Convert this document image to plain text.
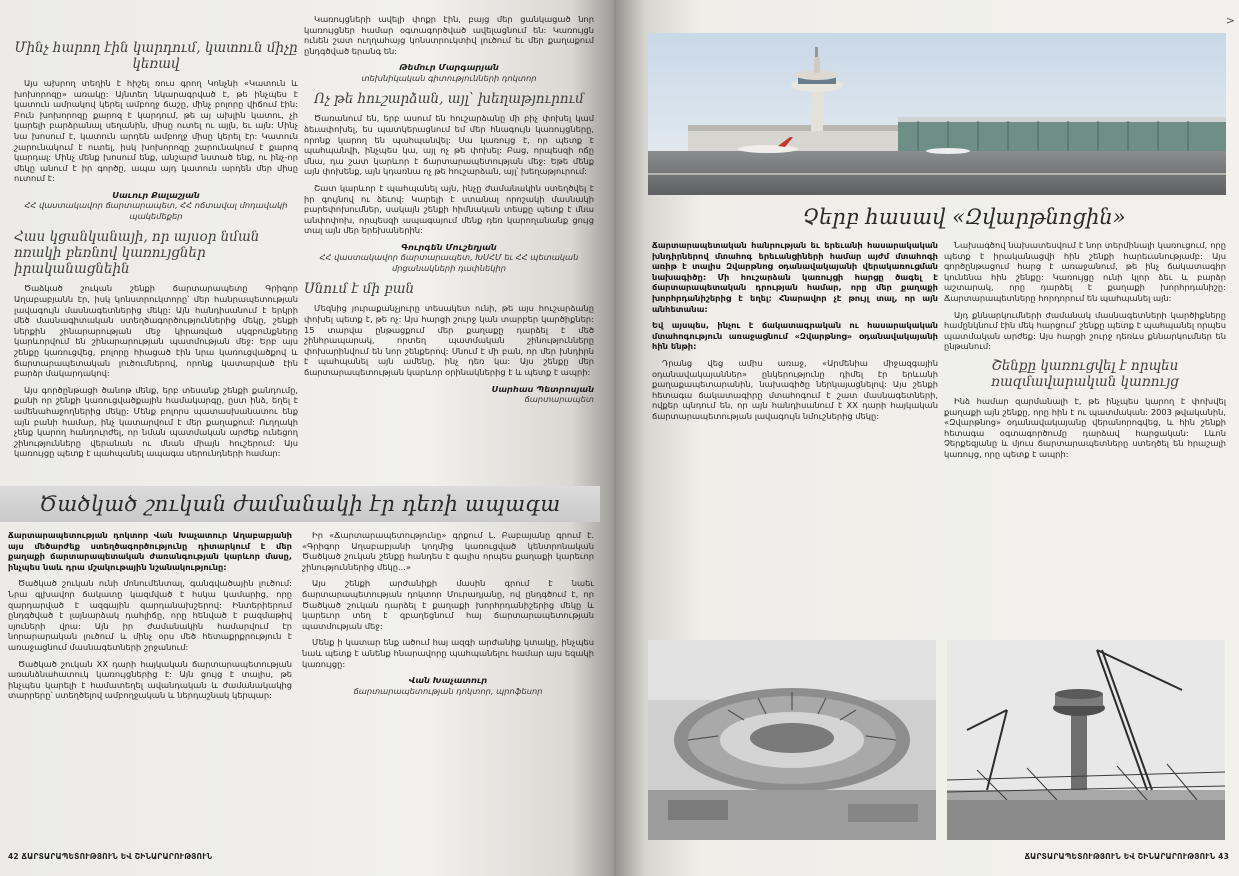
Մինչ հարող էին կարդում, կատուն միչը կեռավ

Այս ախրող տեղին է հիշել ռուս գրող Կոնչնի «Կատուն և խոխորոզը» առակը: Այնտեղ նկարագրված է, թե ինչպես է կատուն ամրակով կերել ամբողջ ճաշը, մինչ բոլորը վիճում էին: Բուն խոխորոզը քարոզ է կարդում, թե այ ախլին կատու, չի կարելի բարձրանալ սեղանին, միսը ուտել ու այլն, եւ այն: Մինչ նա խոսում է, կատուն արդեն ամբողջ միսը կերել էր: Կատուն շարունակում է ուտել, իսկ խոխորոզը շարունակում է քարոզ կարդալ: Մինչ մենք խոսում ենք, անշարժ նստած ենք, ու ինչ-որ մեկը անում է իր գործը, ապա այդ կատուն արդեն մեր միսը ուտում է:

Սաւուր Քալաշյան
ՀՀ վաստակավոր ճարտարապետ, ՀՀ ոճտավալ մոդավակի պակեմեքեր
Հաս կցանկանայի, որ այսօր նման ոռակի բեռնով կառույցներ իրականացնեին

Ծաձկած շուկան շենքի ճարտարապետը Գրիգոր Աղաբաբյանն էր, իսկ կոնստրուկտորը՝ մեր հանրապետության լավագույն մասնագետներից մեկը: Այն հանդիսանում է երկրի մեծ մասնագիտական ստեղծագործություններից մեկը, շենքի ներքին շինարարության մեջ կիրառված սկզբունքները կարևորվում են շինարարության պատմության մեջ: Երբ այս շենքը կառուցվեց, բոլորը հիացած էին նրա կառուցվածքով և ճարտարապետական լուծումներով, որոնք կատարված էին բարձր մակարդակով:

Այս գործընթացի ծանոթ մենք, երբ տեսանք շենքի քանդումը, քանի որ շենքի կառուցվածքային համակարգը, ըստ ինձ, եղել է ամենահաջողներից մեկը: Մենք բոլորս պատասխանատու ենք այն բանի համար, ինչ կատարվում է մեր քաղաքում: Ուղղակի չենք կարող հանդուրժել, որ նման պատմական արժեք ունեցող շինությունները վերանան ու մնան միայն հուշերում: Այս կառույցը պետք է պահպանել ապագա սերունդների համար:

Կառույցների ավելի փոքր էին, բայց մեր ցանկացած նոր կառույցներ համար օգտագործված ավելացնում են: Կառույցն ունեն շատ ուղղահայց կոնստրուկտիվ լուծում եւ մեր քաղաքում ընդգծված երանգ են:

Թեմուր Մարգարյան
տեխնիկական գիտությունների դոկտոր
Ոչ թե հուշարձան, այլ՝ խեղաթյուրում

Ծառանում են, երբ ասում են հուշարձանը մի բիչ փոխել կամ ձեւափոխել, ես պատկերացնում եմ մեր հնագույն կառույցները, որոնք կարող են պահպանվել: Սա կառույց է, որ պետք է պահպանվի, ինչպես կա, այլ ոչ թե փոխել: Բաց, որպեսզի ոճը մնա, դա շատ կարևոր է ճարտարապետության մեջ: Եթե մենք այն փոխենք, այն կդառնա ոչ թե հուշարձան, այլ՝ խեղաթյուրում:

Շատ կարևոր է պահպանել այն, ինչը ժամանակին ստեղծվել է իր գույնով ու ձեւով: Կարելի է ստանալ որոշակի մասնակի բարեփոխումներ, սակայն շենքի հիմնական տեսքը պետք է մնա անփոփոխ, որպեսզի ապագայում մենք դեռ կարողանանք ցույց տալ այն մեր երեխաներին:

Գուրգեն Մուշեղյան
ՀՀ վաստակավոր ճարտարապետ, ԽՍՀՄ եւ ՀՀ պետական մրցանակների դափնեկիր
Սնում է մի բան

Մեզնից յուրաքանչյուրը տեսակետ ունի, թե այս հուշարձանը փոխել պետք է, թե ոչ: Այս հարցի շուրջ կան տարբեր կարծիքներ: 15 տարվա ընթացքում մեր քաղաքը դարձել է մեծ շինհրապարակ, որտեղ պատմական շինությունները փոխարինվում են նոր շենքերով: Սնում է մի բան, որ մեր խնդիրն է պահպանել այն ամենը, ինչ դեռ կա: Այս շենքը մեր ճարտարապետության կարևոր օրինակներից է և պետք է ապրի:

Սարհաս Պետրոսյան
ճարտարապետ
Ծածկած շուկան ժամանակի էր դեռի ապագա

Ճարտարապետության դոկտոր Վան Խաչատուր Աղաբաբյանի այս մեծարժեք ստեղծագործությունը դիտարկում է մեր քաղաքի ճարտարապետական ժառանգության կարևոր մասը, ինչպես նաև դրա մշակութային նշանակությունը:

Ծածկած շուկան ունի մոնումենտալ, գանգվածային լուծում: Նրա գլխավոր ճակատը կազմված է հսկա կամարից, որը զարդարված է ազգային զարդանախշերով: Ինտերիերում ընդգծված է լայնարձակ դահլիճը, որը հենված է բազմաթիվ սյուների վրա: Այն իր ժամանակին համարվում էր նորարարական լուծում և մինչ օրս մեծ հետաքրքրություն է առաջացնում մասնագետների շրջանում:

Ծածկած շուկան XX դարի հայկական ճարտարապետության առանձնահատուկ կառույցներից է: Այն ցույց է տալիս, թե ինչպես կարելի է համատեղել ավանդական և ժամանակակից տարրերը՝ ստեղծելով ամբողջական և ներդաշնակ կերպար:

Իր «Ճարտարապետությունը» գրքում Լ. Բաբայանը գրում է. «Գրիգոր Աղաբաբյանի կողմից կառուցված կենտրոնական Ծածկած շուկան շենքը հանդես է գալիս որպես քաղաքի կարեւոր շինություններից մեկը...»

Այս շենքի արժանիքի մասին գրում է նաեւ ճարտարապետության դոկտոր Մուրադյանը, ով ընդգծում է, որ Ծածկած շուկան դարձել է քաղաքի խորհրդանիշերից մեկը և կարեւոր տեղ է զբաղեցնում հայ ճարտարապետության պատմության մեջ:

Մենք ի կատար ենք ածում հայ ազգի արժանիք կտակը, ինչպես նաև պետք է անենք հնարավորը պահպանելու համար այս եզակի կառույցը:

Վան Խաչատուր
ճարտարապետության դոկտոր, պրոֆեսոր
42 ՃԱՐՏԱՐԱՊԵՏՈՒԹՅՈՒՆ ԵՎ ՇԻՆԱՐԱՐՈՒԹՅՈՒՆ
>
Չերբ հասավ «Զվարթնոցին»

Ճարտարապետական հանրության եւ երեւանի հասարակական խնդիրներով մտահոգ երեւանցիների համար այժմ մտահոգի առիթ է տալիս Զվարթնոց օդանավակայանի վերակառուցման նախագիծը: Մի հուշարձան կառույցի հարցը ծագել է ճարտարապետական դրության համար, որը մեր քաղաքի խորհրդանիշերից է եղել: Հնարավոր չէ թույլ տալ, որ այն անհետանա:

Եվ այսպես, ինչու է ճակատագրական ու հասարակական մտահոգություն առաջացնում «Զվարթնոց» օդանավակայանի հին ենթի:

Դրանց վեց ամիս առաջ, «Արմենիա միջազգային օդանավակայաններ» ընկերությունը դիմել էր երևանի քաղաքապետարանին, նախագիծը ներկայացնելով: Այս շենքի հետագա ճակատագիրը մտահոգում է շատ մասնագետների, ովքեր պնդում են, որ այն հանդիսանում է XX դարի հայկական ճարտարապետության լավագույն նմուշներից մեկը:

Նախագծով նախատեսվում է նոր տերմինալի կառուցում, որը պետք է իրականացվի հին շենքի հարեւանությամբ: Այս գործընթացում հարց է առաջանում, թե ինչ ճակատագիր կունենա հին շենքը: Կառույցը ունի կլոր ձեւ և բարձր աշտարակ, որը դարձել է քաղաքի խորհրդանիշը: Ճարտարապետները հորդորում են պահպանել այն:

Այդ քննարկումների ժամանակ մասնագետների կարծիքները համընկնում էին մեկ հարցում՝ շենքը պետք է պահպանել որպես պատմական արժեք: Այս հարցի շուրջ դեռևս քննարկումներ են ընթանում:

Շենքը կառուցվել է որպես ռազմավարական կառույց

Ինձ համար զարմանալի է, թե ինչպես կարող է փոխվել քաղաքի այն շենքը, որը հին է ու պատմական: 2003 թվականին, «Զվարթնոց» օդանավակայանը վերանորոգվեց, և հին շենքի հետագա օգտագործումը դարձավ հարցական: Լևոն Չերքեզյանը և մյուս ճարտարապետները ստեղծել են հրաշալի կառույց, որը պետք է ապրի:

ՃԱՐՏԱՐԱՊԵՏՈՒԹՅՈՒՆ ԵՎ ՇԻՆԱՐԱՐՈՒԹՅՈՒՆ 43
